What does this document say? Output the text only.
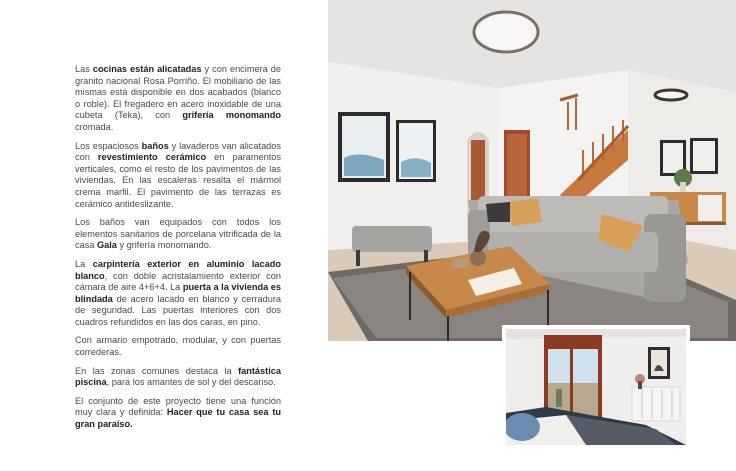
Las cocinas están alicatadas y con encimera de granito nacional Rosa Porriño. El mobiliario de las mismas está disponible en dos acabados (blanco o roble). El fregadero en acero inoxidable de una cubeta (Teka), con grifería monomando cromada.

Los espaciosos baños y lavaderos van alicatados con revestimiento cerámico en paramentos verticales, como el resto de los pavimentos de las viviendas. En las escaleras resalta el mármol crema marfil. El pavimento de las terrazas es cerámico antideslizante.

Los baños van equipados con todos los elementos sanitarios de porcelana vitrificada de la casa Gala y grifería monomando.

La carpintería exterior en aluminio lacado blanco, con doble acristalamiento exterior con cámara de aire 4+6+4. La puerta a la vivienda es blindada de acero lacado en blanco y cerradura de seguridad. Las puertas interiores con dos cuadros refundidos en las dos caras, en pino.

Con armario empotrado, modular, y con puertas correderas.

En las zonas comunes destaca la fantástica piscina, para los amantes de sol y del descanso.

El conjunto de este proyecto tiene una función muy clara y definida: Hacer que tu casa sea tu gran paraíso.
